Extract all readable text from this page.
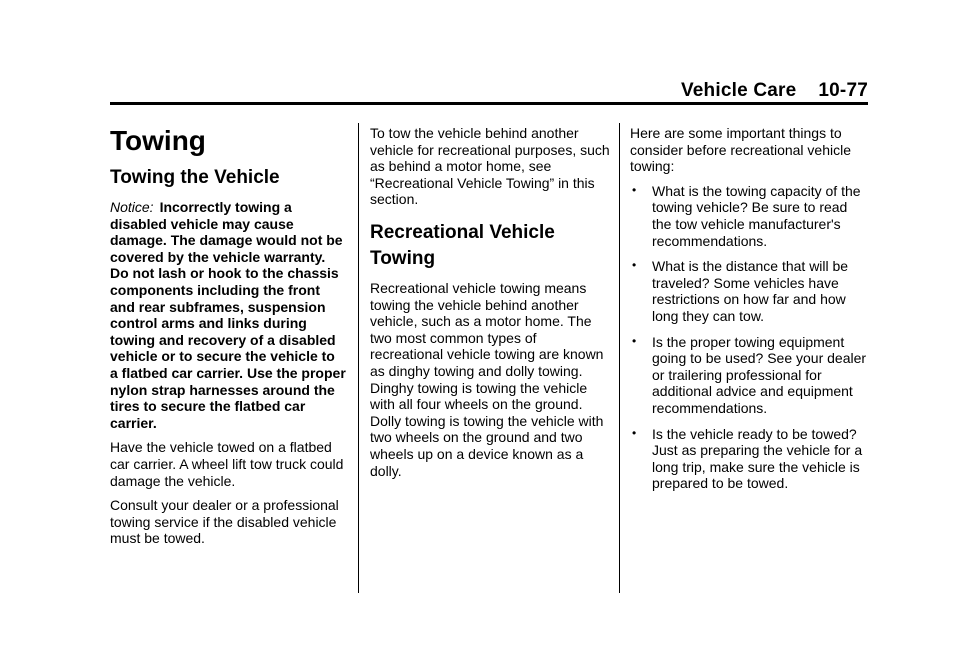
Vehicle Care 10-77
Towing
Towing the Vehicle

Notice: Incorrectly towing a disabled vehicle may cause damage. The damage would not be covered by the vehicle warranty. Do not lash or hook to the chassis components including the front and rear subframes, suspension control arms and links during towing and recovery of a disabled vehicle or to secure the vehicle to a flatbed car carrier. Use the proper nylon strap harnesses around the tires to secure the flatbed car carrier.

Have the vehicle towed on a flatbed car carrier. A wheel lift tow truck could damage the vehicle.

Consult your dealer or a professional towing service if the disabled vehicle must be towed.

To tow the vehicle behind another vehicle for recreational purposes, such as behind a motor home, see “Recreational Vehicle Towing” in this section.

Recreational Vehicle Towing

Recreational vehicle towing means towing the vehicle behind another vehicle, such as a motor home. The two most common types of recreational vehicle towing are known as dinghy towing and dolly towing. Dinghy towing is towing the vehicle with all four wheels on the ground. Dolly towing is towing the vehicle with two wheels on the ground and two wheels up on a device known as a dolly.

Here are some important things to consider before recreational vehicle towing:

• What is the towing capacity of the towing vehicle? Be sure to read the tow vehicle manufacturer's recommendations.
• What is the distance that will be traveled? Some vehicles have restrictions on how far and how long they can tow.
• Is the proper towing equipment going to be used? See your dealer or trailering professional for additional advice and equipment recommendations.
• Is the vehicle ready to be towed? Just as preparing the vehicle for a long trip, make sure the vehicle is prepared to be towed.
